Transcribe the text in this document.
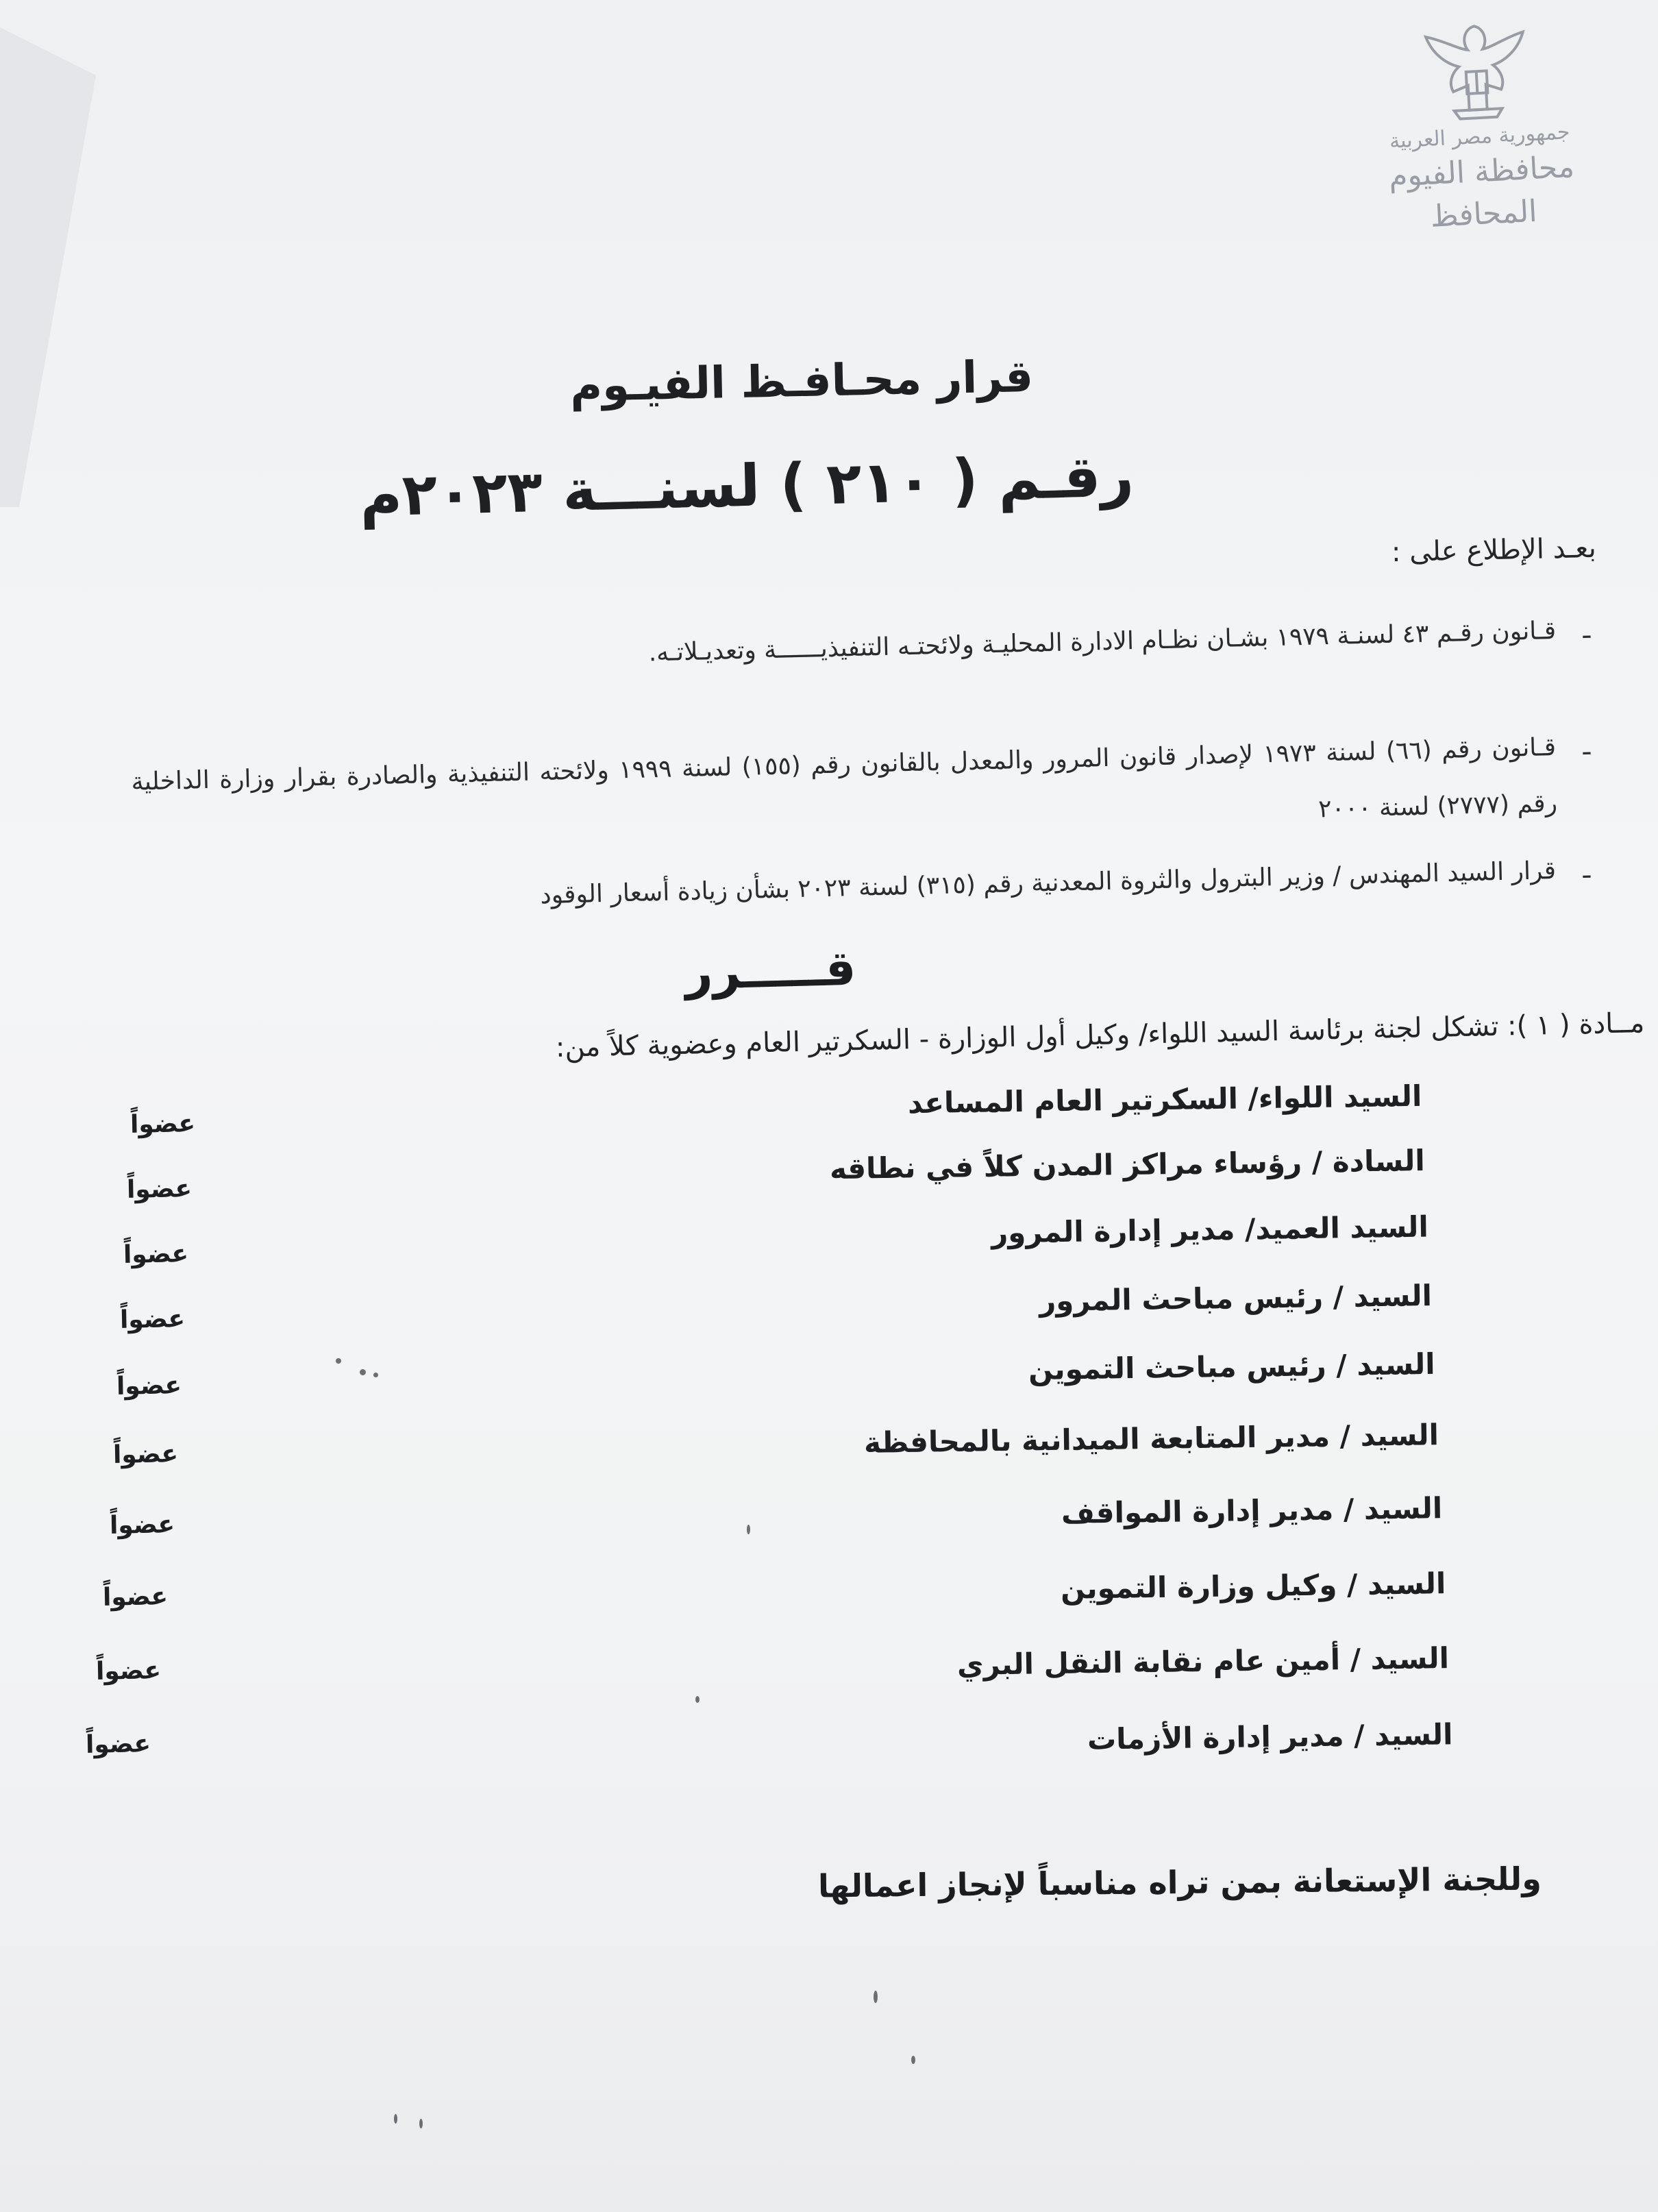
جمهورية مصر العربية
محافظة الفيوم
المحافظ
قرار محـافـظ الفيـوم
رقـم ( ٢١٠ ) لسنـــة ٢٠٢٣م
بعـد الإطلاع على :
ـ
قـانون رقـم ٤٣ لسنـة ١٩٧٩ بشـان نظـام الادارة المحليـة ولائحتـه التنفيذيــــــة وتعديـلاتـه.
ـ
قـانون رقم (٦٦) لسنة ١٩٧٣ لإصدار قانون المرور والمعدل بالقانون رقم (١٥٥) لسنة ١٩٩٩ ولائحته التنفيذية والصادرة بقرار وزارة الداخلية رقم (٢٧٧٧) لسنة ٢٠٠٠
ـ
قرار السيد المهندس / وزير البترول والثروة المعدنية رقم (٣١٥) لسنة ٢٠٢٣ بشأن زيادة أسعار الوقود
قـــــرر
مــادة ( ١ ): تشكل لجنة برئاسة السيد اللواء/ وكيل أول الوزارة - السكرتير العام وعضوية كلاً من:
السيد اللواء/ السكرتير العام المساعد
عضواً
السادة / رؤساء مراكز المدن كلاً في نطاقه
عضواً
السيد العميد/ مدير إدارة المرور
عضواً
السيد / رئيس مباحث المرور
عضواً
السيد / رئيس مباحث التموين
عضواً
السيد / مدير المتابعة الميدانية بالمحافظة
عضواً
السيد / مدير إدارة المواقف
عضواً
السيد / وكيل وزارة التموين
عضواً
السيد / أمين عام نقابة النقل البري
عضواً
السيد / مدير إدارة الأزمات
عضواً
وللجنة الإستعانة بمن تراه مناسباً لإنجاز اعمالها
